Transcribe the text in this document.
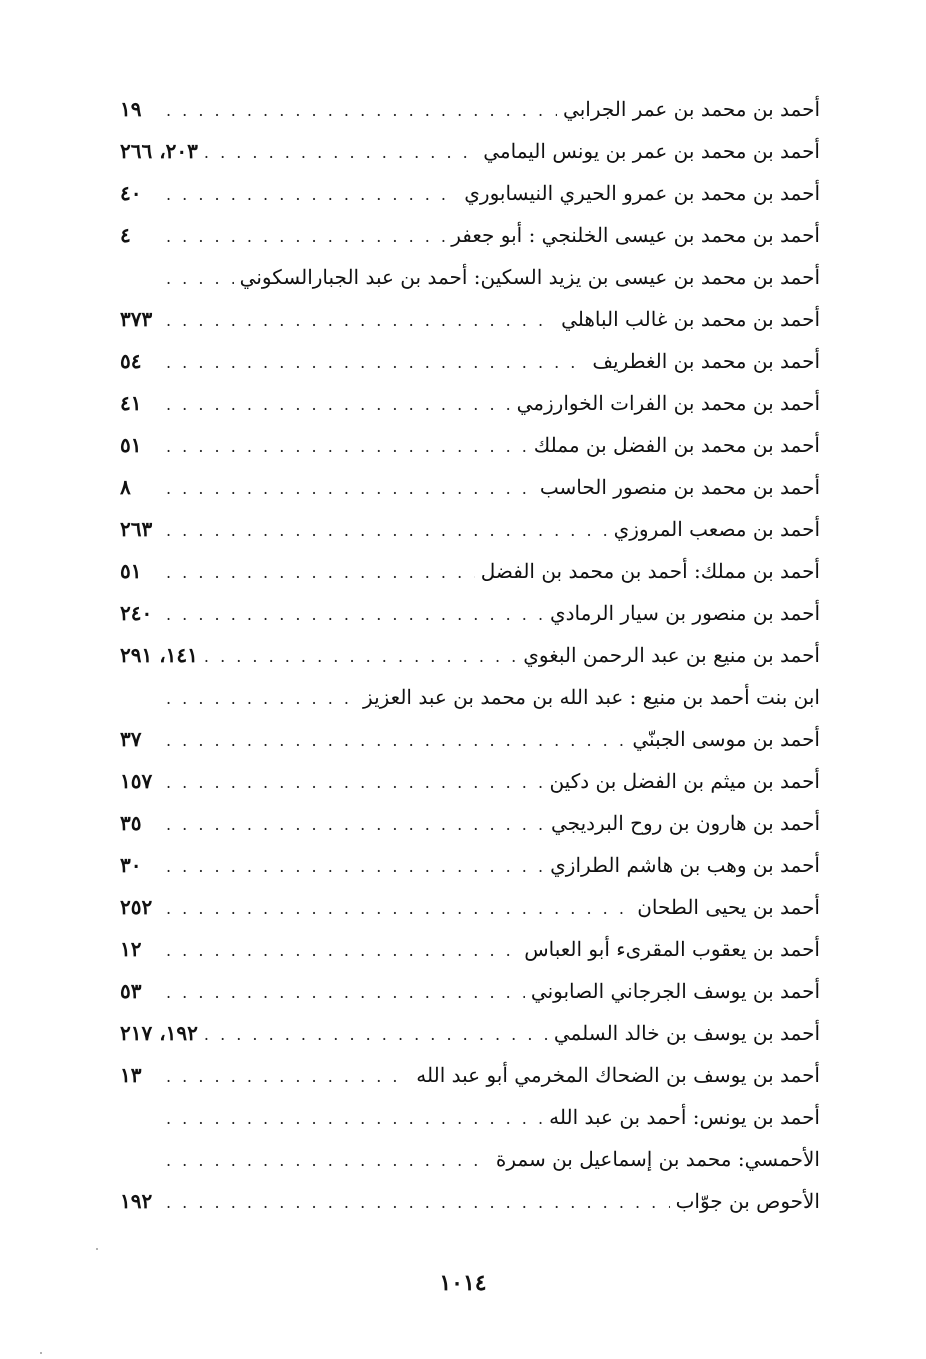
أحمد بن محمد بن عمر الجرابي
. . .
١٩
أحمد بن محمد بن عمر بن يونس اليمامي
. . .
٢٠٣، ٢٦٦
أحمد بن محمد بن عمرو الحيري النيسابوري
. . .
٤٠
أحمد بن محمد بن عيسى الخلنجي : أبو جعفر
. . .
٤
أحمد بن محمد بن عيسى بن يزيد السكين: أحمد بن عبد الجبارالسكوني
. . .
أحمد بن محمد بن غالب الباهلي
. . .
٣٧٣
أحمد بن محمد بن الغطريف
. . .
٥٤
أحمد بن محمد بن الفرات الخوارزمي
. . .
٤١
أحمد بن محمد بن الفضل بن مملك
. . .
٥١
أحمد بن محمد بن منصور الحاسب
. . .
٨
أحمد بن مصعب المروزي
. . .
٢٦٣
أحمد بن مملك: أحمد بن محمد بن الفضل
. . .
٥١
أحمد بن منصور بن سيار الرمادي
. . .
٢٤٠
أحمد بن منيع بن عبد الرحمن البغوي
. . .
١٤١، ٢٩١
ابن بنت أحمد بن منيع : عبد الله بن محمد بن عبد العزيز
. . .
أحمد بن موسى الجبنّي
. . .
٣٧
أحمد بن ميثم بن الفضل بن دكين
. . .
١٥٧
أحمد بن هارون بن روح البرديجي
. . .
٣٥
أحمد بن وهب بن هاشم الطرازي
. . .
٣٠
أحمد بن يحيى الطحان
. . .
٢٥٢
أحمد بن يعقوب المقرىء أبو العباس
. . .
١٢
أحمد بن يوسف الجرجاني الصابوني
. . .
٥٣
أحمد بن يوسف بن خالد السلمي
. . .
١٩٢، ٢١٧
أحمد بن يوسف بن الضحاك المخرمي أبو عبد الله
. . .
١٣
أحمد بن يونس: أحمد بن عبد الله
. . .
الأحمسي: محمد بن إسماعيل بن سمرة
. . .
الأحوص بن جوّاب
. . .
١٩٢
١٠١٤
